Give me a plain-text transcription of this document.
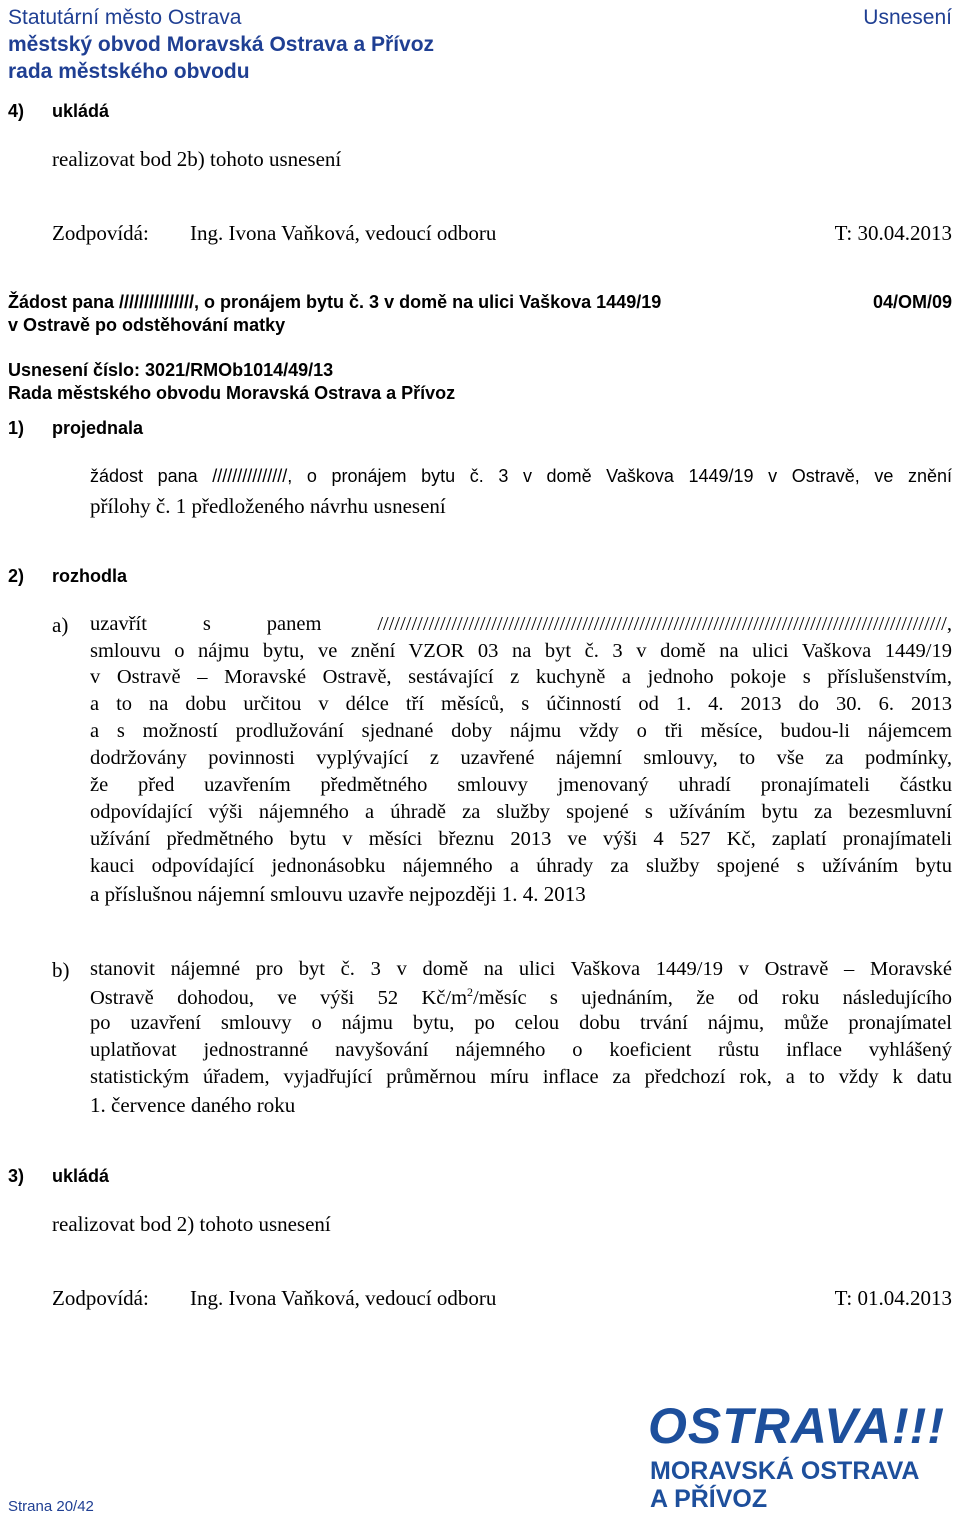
Statutární město Ostrava
městský obvod Moravská Ostrava a Přívoz
rada městského obvodu
Usnesení
4) ukládá
realizovat bod 2b) tohoto usnesení
Zodpovídá: Ing. Ivona Vaňková, vedoucí odboru	T: 30.04.2013
Žádost pana ///////////////, o pronájem bytu č. 3 v domě na ulici Vaškova 1449/19	04/OM/09
v Ostravě po odstěhování matky
Usnesení číslo: 3021/RMOb1014/49/13
Rada městského obvodu Moravská Ostrava a Přívoz
1) projednala
žádost pana ///////////////, o pronájem bytu č. 3 v domě Vaškova 1449/19 v Ostravě, ve znění
přílohy č. 1 předloženého návrhu usnesení
2) rozhodla
a) uzavřít s panem ////////////////////////////////////////////////////////////////////////////////////////////////////,
smlouvu o nájmu bytu, ve znění VZOR 03 na byt č. 3 v domě na ulici Vaškova 1449/19
v Ostravě – Moravské Ostravě, sestávající z kuchyně a jednoho pokoje s příslušenstvím,
a to na dobu určitou v délce tří měsíců, s účinností od 1. 4. 2013 do 30. 6. 2013
a s možností prodlužování sjednané doby nájmu vždy o tři měsíce, budou-li nájemcem
dodržovány povinnosti vyplývající z uzavřené nájemní smlouvy, to vše za podmínky,
že před uzavřením předmětného smlouvy jmenovaný uhradí pronajímateli částku
odpovídající výši nájemného a úhradě za služby spojené s užíváním bytu za bezesmluvní
užívání předmětného bytu v měsíci březnu 2013 ve výši 4 527 Kč, zaplatí pronajímateli
kauci odpovídající jednonásobku nájemného a úhrady za služby spojené s užíváním bytu
a příslušnou nájemní smlouvu uzavře nejpozději 1. 4. 2013
b) stanovit nájemné pro byt č. 3 v domě na ulici Vaškova 1449/19 v Ostravě – Moravské
Ostravě dohodou, ve výši 52 $Kč/m^2$/měsíc s ujednáním, že od roku následujícího
po uzavření smlouvy o nájmu bytu, po celou dobu trvání nájmu, může pronajímatel
uplatňovat jednostranné navyšování nájemného o koeficient růstu inflace vyhlášený
statistickým úřadem, vyjadřující průměrnou míru inflace za předchozí rok, a to vždy k datu
1. července daného roku
3) ukládá
realizovat bod 2) tohoto usnesení
Zodpovídá: Ing. Ivona Vaňková, vedoucí odboru	T: 01.04.2013
Strana 20/42
OSTRAVA!!!
MORAVSKÁ OSTRAVA
A PŘÍVOZ
